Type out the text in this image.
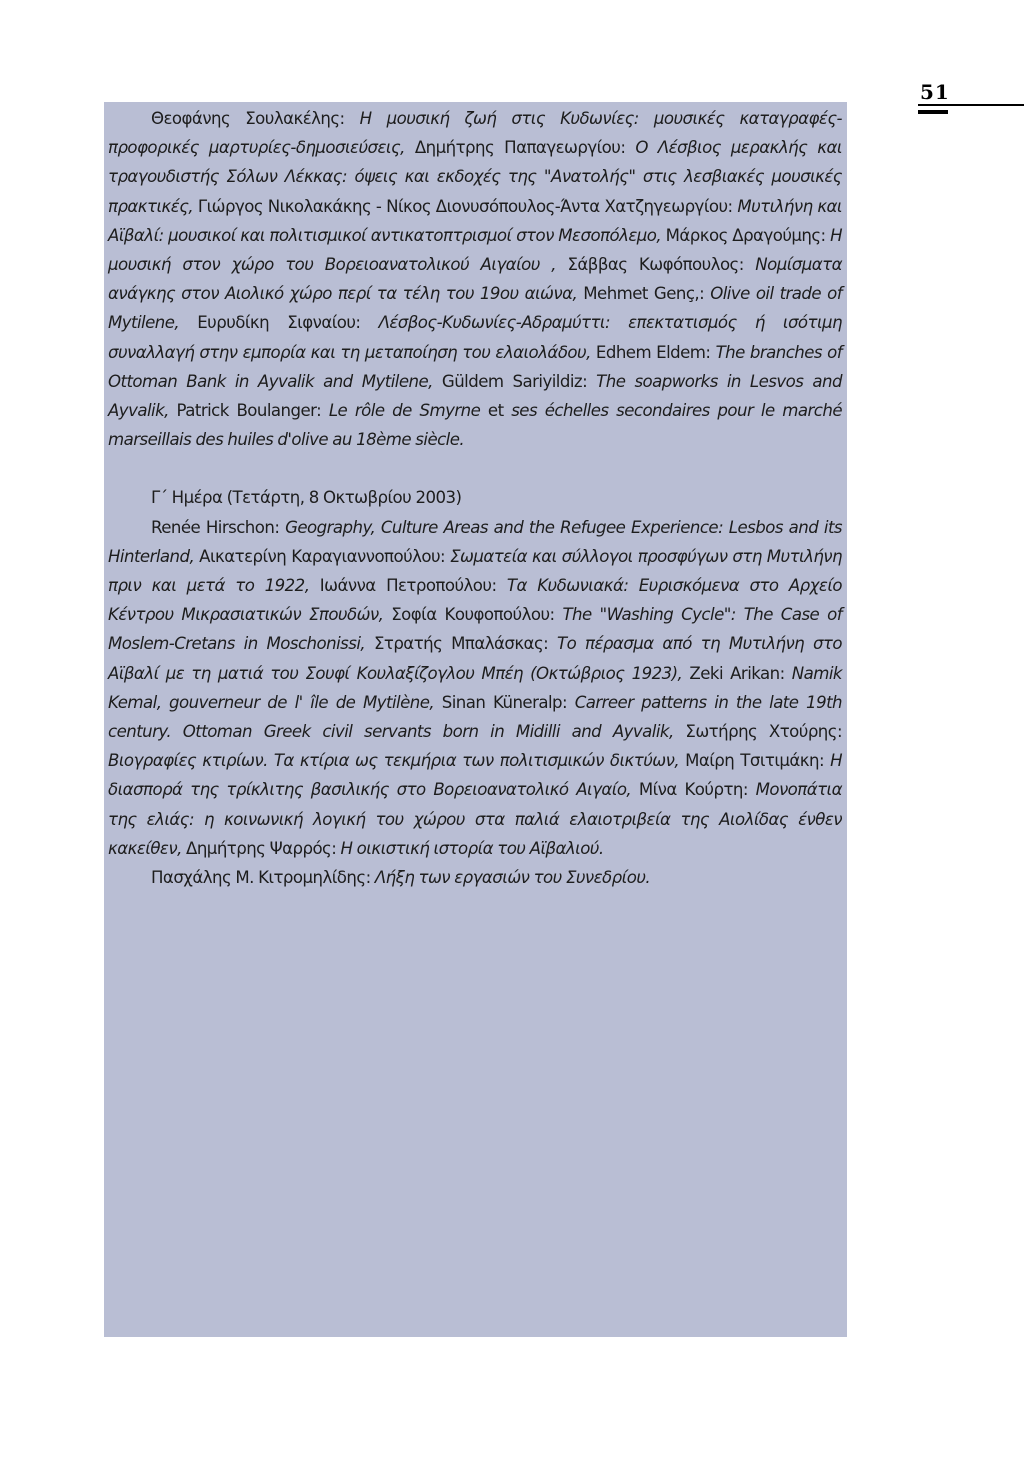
51

Θεοφάνης Σουλακέλης: Η μουσική ζωή στις Κυδωνίες: μουσικές καταγραφές-προφορικές μαρτυρίες-δημοσιεύσεις, Δημήτρης Παπαγεωργίου: Ο Λέσβιος μερακλής και τραγουδιστής Σόλων Λέκκας: όψεις και εκδοχές της "Ανατολής" στις λεσβιακές μουσικές πρακτικές, Γιώργος Νικολακάκης - Νίκος Διονυσόπουλος-Άντα Χατζηγεωργίου: Μυτιλήνη και Αϊβαλί: μουσικοί και πολιτισμικοί αντικατοπτρισμοί στον Μεσοπόλεμο, Μάρκος Δραγούμης: Η μουσική στον χώρο του Βορειοανατολικού Αιγαίου , Σάββας Κωφόπουλος: Νομίσματα ανάγκης στον Αιολικό χώρο περί τα τέλη του 19ου αιώνα, Mehmet Genç,: Olive oil trade of Mytilene, Ευρυδίκη Σιφναίου: Λέσβος-Κυδωνίες-Αδραμύττι: επεκτατισμός ή ισότιμη συναλλαγή στην εμπορία και τη μεταποίηση του ελαιολάδου, Edhem Eldem: The branches of Ottoman Bank in Ayvalik and Mytilene, Güldem Sariyildiz: The soapworks in Lesvos and Ayvalik, Patrick Boulanger: Le rôle de Smyrne et ses échelles secondaires pour le marché marseillais des huiles d'olive au 18ème siècle.

Γ΄ Ημέρα (Τετάρτη, 8 Οκτωβρίου 2003)

Renée Hirschon: Geography, Culture Areas and the Refugee Experience: Lesbos and its Hinterland, Αικατερίνη Καραγιαννοπούλου: Σωματεία και σύλλογοι προσφύγων στη Μυτιλήνη πριν και μετά το 1922, Ιωάννα Πετροπούλου: Τα Κυδωνιακά: Ευρισκόμενα στο Αρχείο Κέντρου Μικρασιατικών Σπουδών, Σοφία Κουφοπούλου: The "Washing Cycle": The Case of Moslem-Cretans in Moschonissi, Στρατής Μπαλάσκας: Το πέρασμα από τη Μυτιλήνη στο Αϊβαλί με τη ματιά του Σουφί Κουλαξίζογλου Μπέη (Οκτώβριος 1923), Zeki Arikan: Namik Kemal, gouverneur de l' île de Mytilène, Sinan Küneralp: Carreer patterns in the late 19th century. Ottoman Greek civil servants born in Midilli and Ayvalik, Σωτήρης Χτούρης: Βιογραφίες κτιρίων. Τα κτίρια ως τεκμήρια των πολιτισμικών δικτύων, Μαίρη Τσιτιμάκη: Η διασπορά της τρίκλιτης βασιλικής στο Βορειοανατολικό Αιγαίο, Μίνα Κούρτη: Μονοπάτια της ελιάς: η κοινωνική λογική του χώρου στα παλιά ελαιοτριβεία της Αιολίδας ένθεν κακείθεν, Δημήτρης Ψαρρός: Η οικιστική ιστορία του Αϊβαλιού.

Πασχάλης Μ. Κιτρομηλίδης: Λήξη των εργασιών του Συνεδρίου.
